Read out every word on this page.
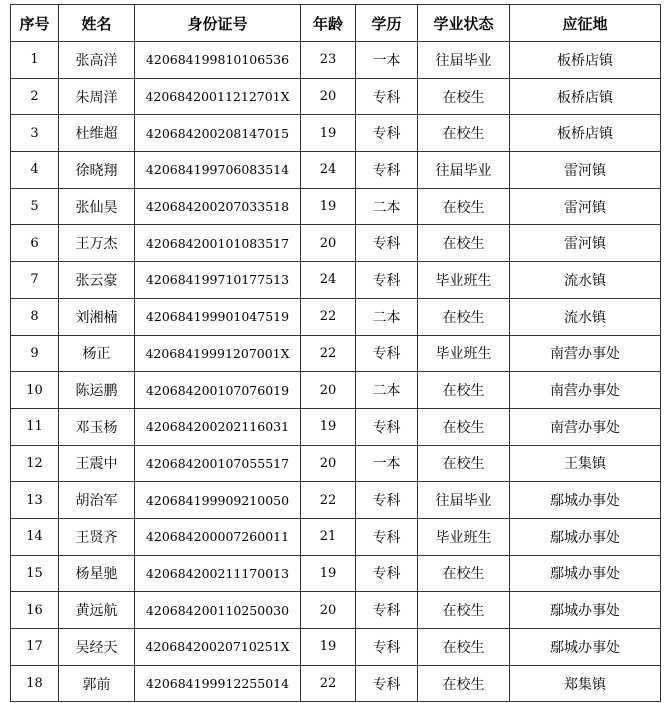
序号	姓名	身份证号	年龄	学历	学业状态	应征地
1	张高洋	420684199810106536	23	一本	往届毕业	板桥店镇
2	朱周洋	42068420011212701X	20	专科	在校生	板桥店镇
3	杜维超	420684200208147015	19	专科	在校生	板桥店镇
4	徐晓翔	420684199706083514	24	专科	往届毕业	雷河镇
5	张仙昊	420684200207033518	19	二本	在校生	雷河镇
6	王万杰	420684200101083517	20	专科	在校生	雷河镇
7	张云豪	420684199710177513	24	专科	毕业班生	流水镇
8	刘湘楠	420684199901047519	22	二本	在校生	流水镇
9	杨正	42068419991207001X	22	专科	毕业班生	南营办事处
10	陈运鹏	420684200107076019	20	二本	在校生	南营办事处
11	邓玉杨	420684200202116031	19	专科	在校生	南营办事处
12	王震中	420684200107055517	20	一本	在校生	王集镇
13	胡治军	420684199909210050	22	专科	往届毕业	鄢城办事处
14	王贤齐	420684200007260011	21	专科	毕业班生	鄢城办事处
15	杨星驰	420684200211170013	19	专科	在校生	鄢城办事处
16	黄远航	420684200110250030	20	专科	在校生	鄢城办事处
17	吴经天	42068420020710251X	19	专科	在校生	鄢城办事处
18	郭前	420684199912255014	22	专科	在校生	郑集镇
